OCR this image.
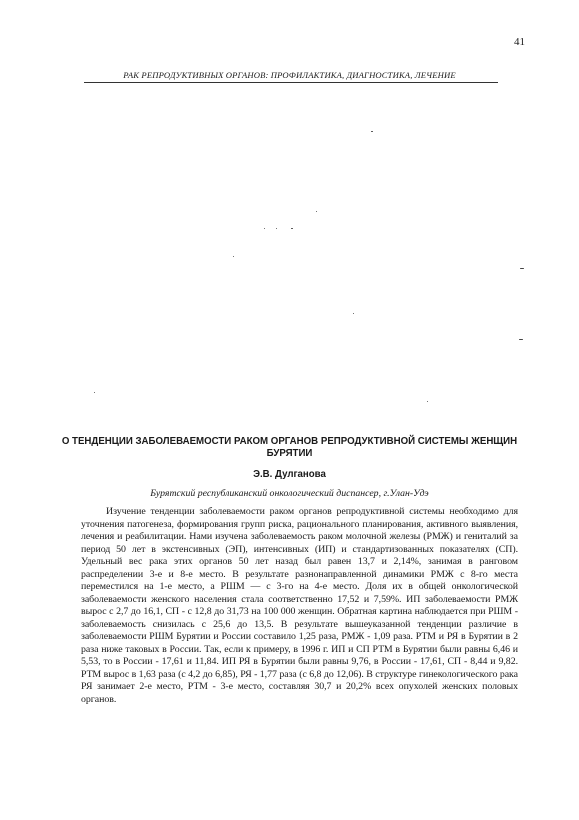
41
РАК РЕПРОДУКТИВНЫХ ОРГАНОВ: ПРОФИЛАКТИКА, ДИАГНОСТИКА, ЛЕЧЕНИЕ
О ТЕНДЕНЦИИ ЗАБОЛЕВАЕМОСТИ РАКОМ ОРГАНОВ РЕПРОДУКТИВНОЙ СИСТЕМЫ ЖЕНЩИН БУРЯТИИ
Э.В. Дулганова
Бурятский республиканский онкологический диспансер, г.Улан-Удэ

Изучение тенденции заболеваемости раком органов репродуктивной системы необходимо для уточнения патогенеза, формирования групп риска, рационального планирования, активного выявления, лечения и реабилитации. Нами изучена заболеваемость раком молочной железы (РМЖ) и гениталий за период 50 лет в экстенсивных (ЭП), интенсивных (ИП) и стандартизованных показателях (СП). Удельный вес рака этих органов 50 лет назад был равен 13,7 и 2,14%, занимая в ранговом распределении 3-е и 8-е место. В результате разнонаправленной динамики РМЖ с 8-го места переместился на 1-е место, а РШМ — с 3-го на 4-е место. Доля их в общей онкологической заболеваемости женского населения стала соответственно 17,52 и 7,59%. ИП заболеваемости РМЖ вырос с 2,7 до 16,1, СП - с 12,8 до 31,73 на 100 000 женщин. Обратная картина наблюдается при РШМ - заболеваемость снизилась с 25,6 до 13,5. В результате вышеуказанной тенденции различие в заболеваемости РШМ Бурятии и России составило 1,25 раза, РМЖ - 1,09 раза. РТМ и РЯ в Бурятии в 2 раза ниже таковых в России. Так, если к примеру, в 1996 г. ИП и СП РТМ в Бурятии были равны 6,46 и 5,53, то в России - 17,61 и 11,84. ИП РЯ в Бурятии были равны 9,76, в России - 17,61, СП - 8,44 и 9,82. РТМ вырос в 1,63 раза (с 4,2 до 6,85), РЯ - 1,77 раза (с 6,8 до 12,06). В структуре гинекологического рака РЯ занимает 2-е место, РТМ - 3-е место, составляя 30,7 и 20,2% всех опухолей женских половых органов.
